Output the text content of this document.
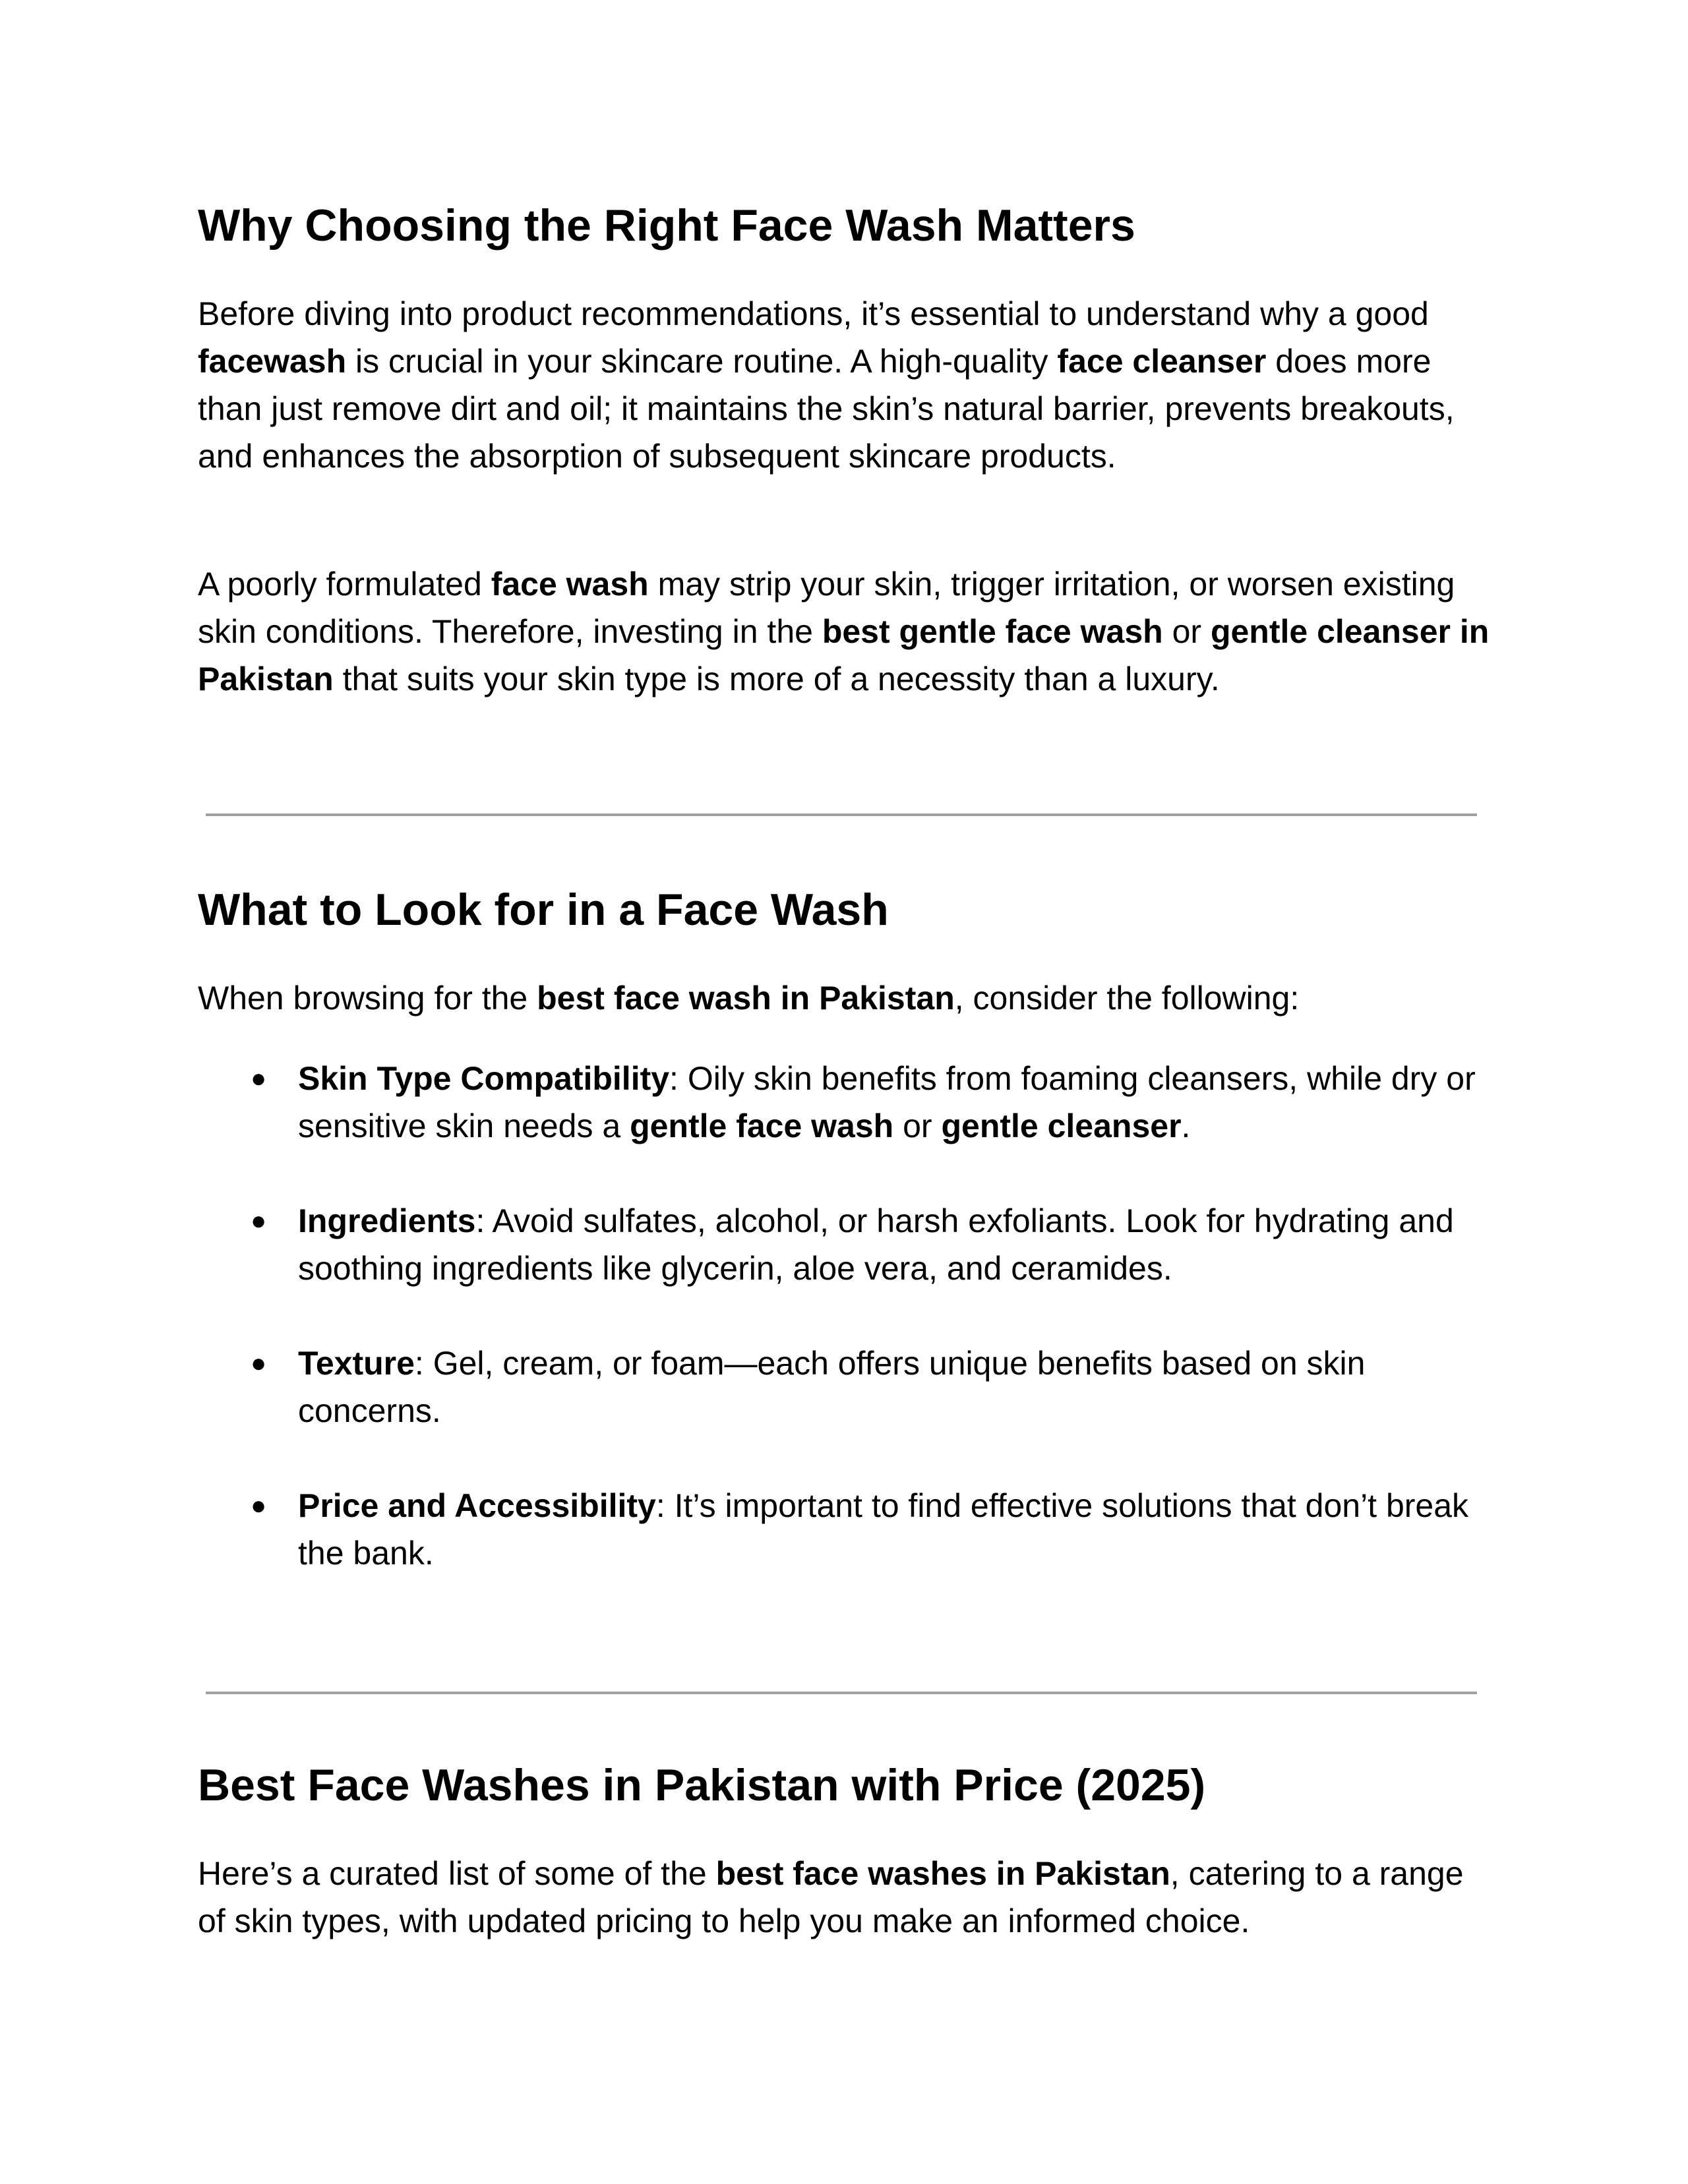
Why Choosing the Right Face Wash Matters

Before diving into product recommendations, it’s essential to understand why a good facewash is crucial in your skincare routine. A high-quality face cleanser does more than just remove dirt and oil; it maintains the skin’s natural barrier, prevents breakouts, and enhances the absorption of subsequent skincare products.

A poorly formulated face wash may strip your skin, trigger irritation, or worsen existing skin conditions. Therefore, investing in the best gentle face wash or gentle cleanser in Pakistan that suits your skin type is more of a necessity than a luxury.

What to Look for in a Face Wash

When browsing for the best face wash in Pakistan, consider the following:

● Skin Type Compatibility: Oily skin benefits from foaming cleansers, while dry or sensitive skin needs a gentle face wash or gentle cleanser.
● Ingredients: Avoid sulfates, alcohol, or harsh exfoliants. Look for hydrating and soothing ingredients like glycerin, aloe vera, and ceramides.
● Texture: Gel, cream, or foam—each offers unique benefits based on skin concerns.
● Price and Accessibility: It’s important to find effective solutions that don’t break the bank.
Best Face Washes in Pakistan with Price (2025)

Here’s a curated list of some of the best face washes in Pakistan, catering to a range of skin types, with updated pricing to help you make an informed choice.
